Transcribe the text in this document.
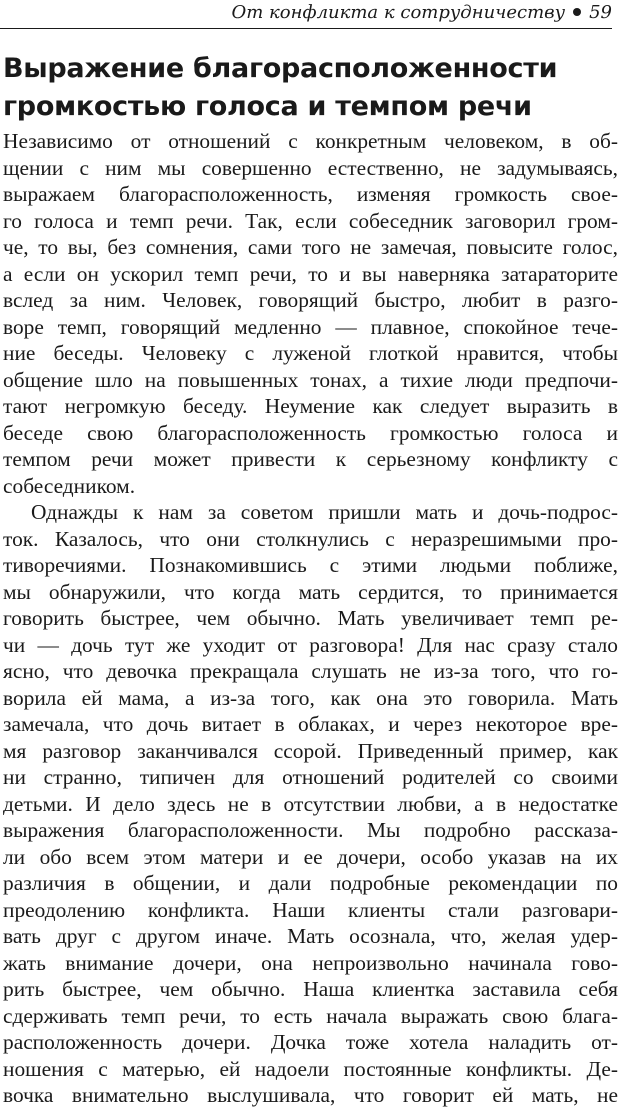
От конфликта к сотрудничеству 59
Выражение благорасположенности
громкостью голоса и темпом речи
Независимо от отношений с конкретным человеком, в об-
щении с ним мы совершенно естественно, не задумываясь,
выражаем благорасположенность, изменяя громкость свое-
го голоса и темп речи. Так, если собеседник заговорил гром-
че, то вы, без сомнения, сами того не замечая, повысите голос,
а если он ускорил темп речи, то и вы наверняка затараторите
вслед за ним. Человек, говорящий быстро, любит в разго-
воре темп, говорящий медленно — плавное, спокойное тече-
ние беседы. Человеку с луженой глоткой нравится, чтобы
общение шло на повышенных тонах, а тихие люди предпочи-
тают негромкую беседу. Неумение как следует выразить в
беседе свою благорасположенность громкостью голоса и
темпом речи может привести к серьезному конфликту с
собеседником.
Однажды к нам за советом пришли мать и дочь-подрос-
ток. Казалось, что они столкнулись с неразрешимыми про-
тиворечиями. Познакомившись с этими людьми поближе,
мы обнаружили, что когда мать сердится, то принимается
говорить быстрее, чем обычно. Мать увеличивает темп ре-
чи — дочь тут же уходит от разговора! Для нас сразу стало
ясно, что девочка прекращала слушать не из-за того, что го-
ворила ей мама, а из-за того, как она это говорила. Мать
замечала, что дочь витает в облаках, и через некоторое вре-
мя разговор заканчивался ссорой. Приведенный пример, как
ни странно, типичен для отношений родителей со своими
детьми. И дело здесь не в отсутствии любви, а в недостатке
выражения благорасположенности. Мы подробно рассказа-
ли обо всем этом матери и ее дочери, особо указав на их
различия в общении, и дали подробные рекомендации по
преодолению конфликта. Наши клиенты стали разговари-
вать друг с другом иначе. Мать осознала, что, желая удер-
жать внимание дочери, она непроизвольно начинала гово-
рить быстрее, чем обычно. Наша клиентка заставила себя
сдерживать темп речи, то есть начала выражать свою блага-
расположенность дочери. Дочка тоже хотела наладить от-
ношения с матерью, ей надоели постоянные конфликты. Де-
вочка внимательно выслушивала, что говорит ей мать, не
